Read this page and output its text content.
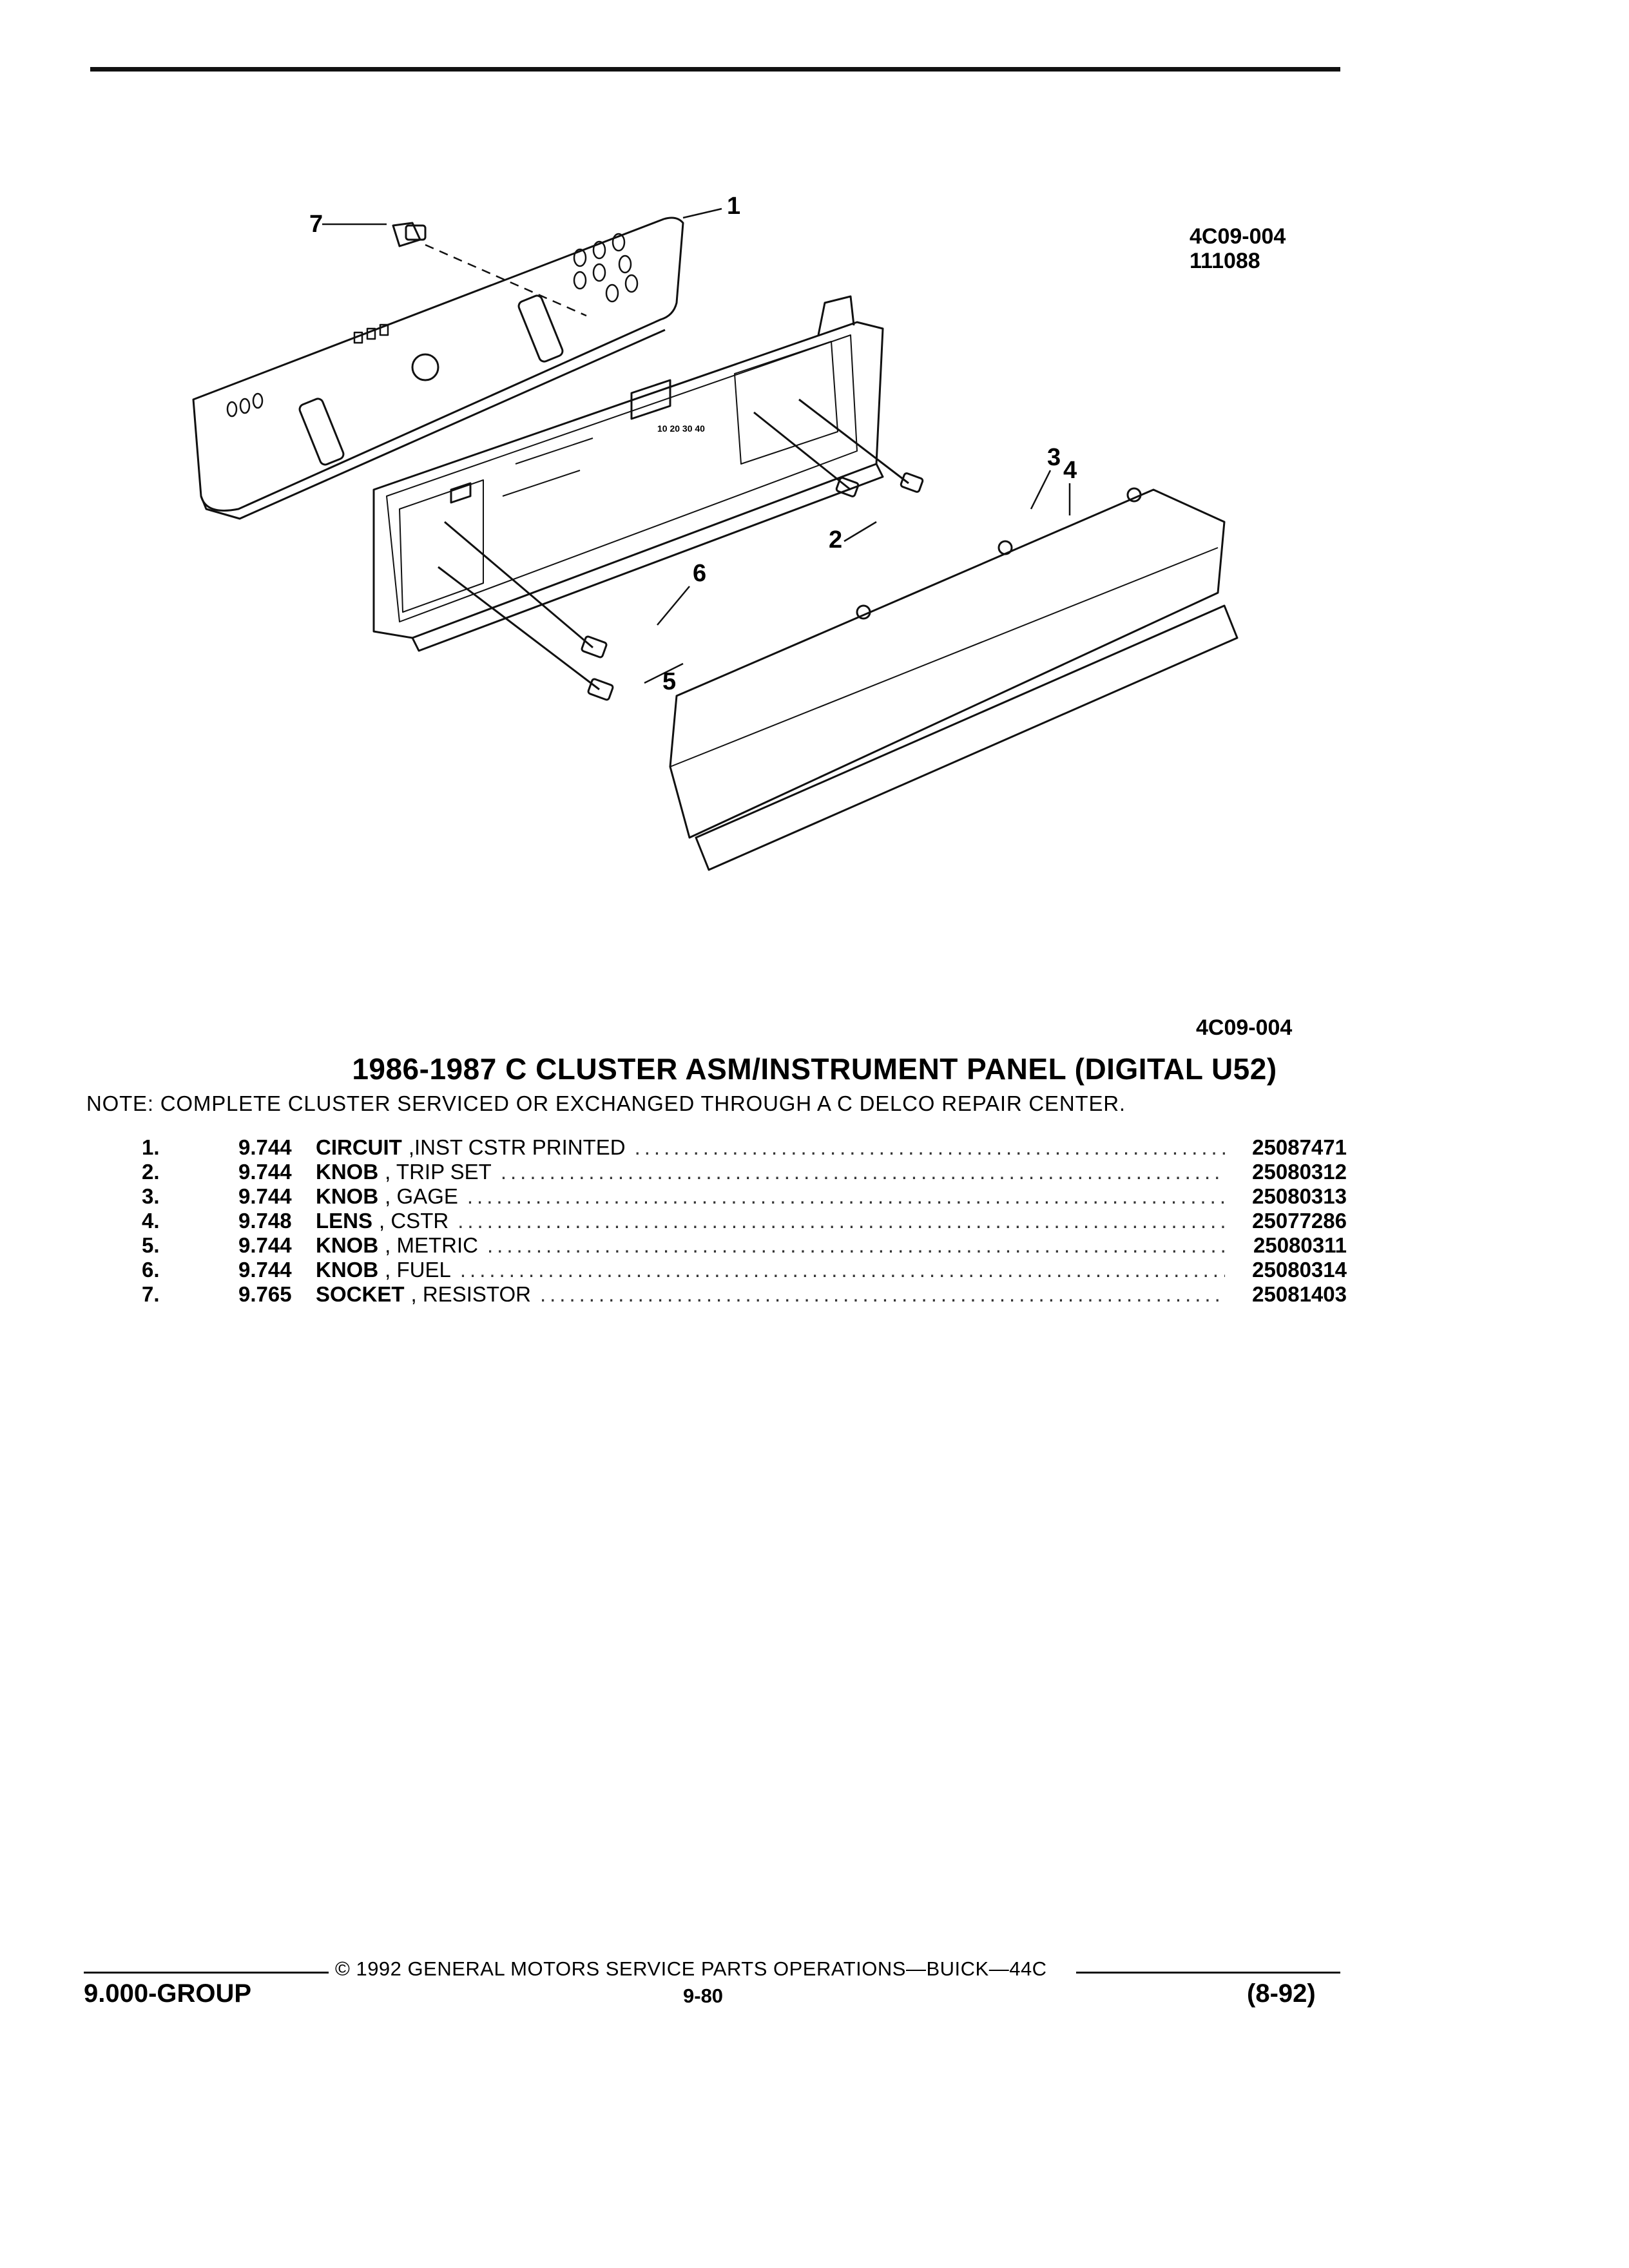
4C09-004
111088
7
1
4
3
2
6
5
10 20 30 40
4C09-004
1986-1987 C CLUSTER ASM/INSTRUMENT PANEL (DIGITAL U52)
NOTE: COMPLETE CLUSTER SERVICED OR EXCHANGED THROUGH A C DELCO REPAIR CENTER.
1.	9.744	CIRCUIT ,INST CSTR PRINTED .....	25087471
2.	9.744	KNOB , TRIP SET .....	25080312
3.	9.744	KNOB , GAGE .....	25080313
4.	9.748	LENS , CSTR .....	25077286
5.	9.744	KNOB , METRIC .....	25080311
6.	9.744	KNOB , FUEL .....	25080314
7.	9.765	SOCKET , RESISTOR .....	25081403
© 1992 GENERAL MOTORS SERVICE PARTS OPERATIONS—BUICK—44C
9.000-GROUP	9-80	(8-92)
